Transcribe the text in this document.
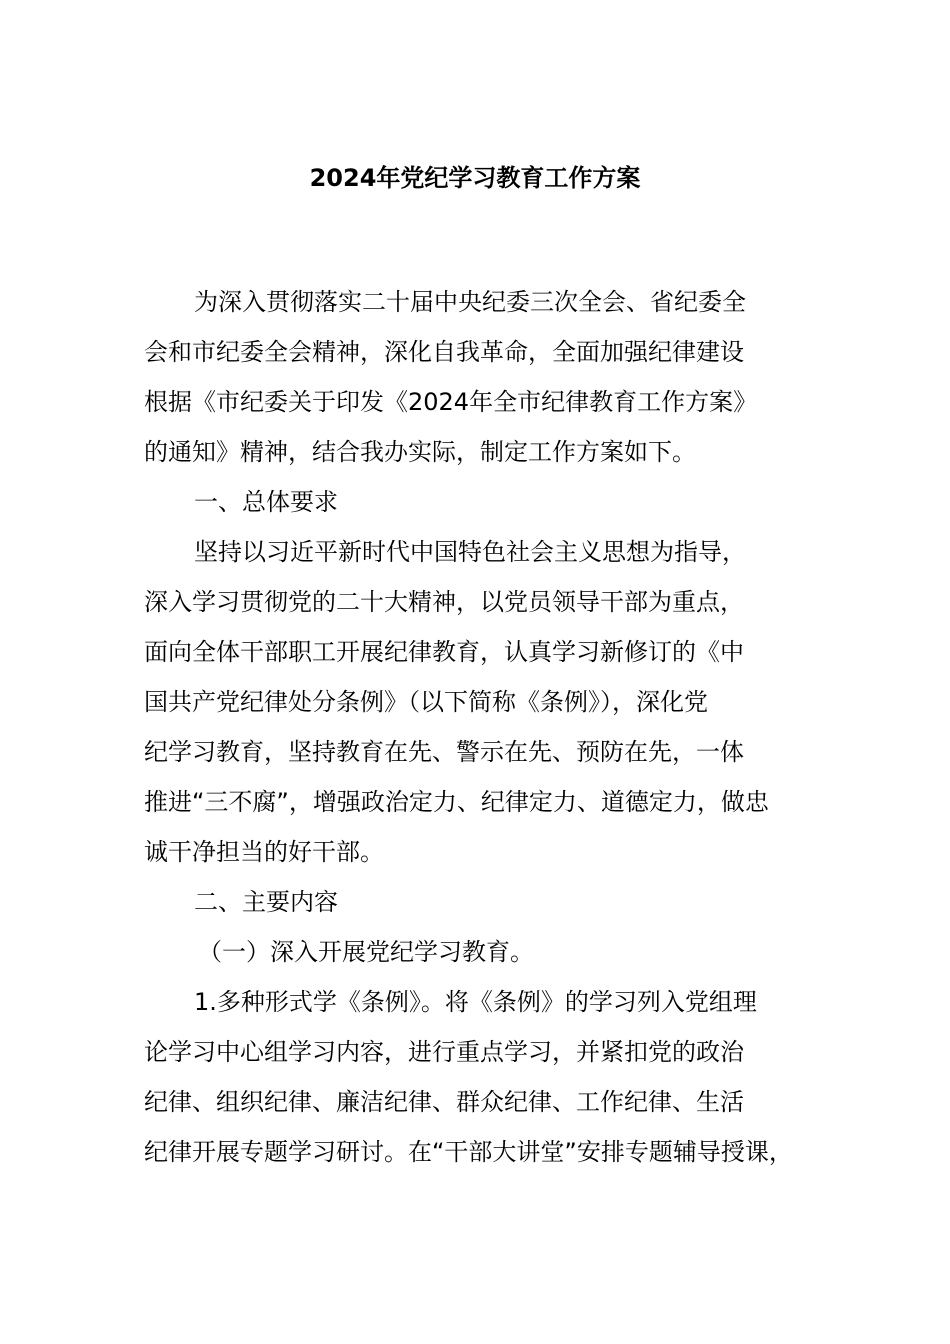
2024年党纪学习教育工作方案
为深入贯彻落实二十届中央纪委三次全会、省纪委全
会和市纪委全会精神，深化自我革命，全面加强纪律建设
根据《市纪委关于印发《2024年全市纪律教育工作方案》
的通知》精神，结合我办实际，制定工作方案如下。
一、总体要求
坚持以习近平新时代中国特色社会主义思想为指导，
深入学习贯彻党的二十大精神，以党员领导干部为重点，
面向全体干部职工开展纪律教育，认真学习新修订的《中
国共产党纪律处分条例》（以下简称《条例》），深化党
纪学习教育，坚持教育在先、警示在先、预防在先，一体
推进“三不腐”，增强政治定力、纪律定力、道德定力，做忠
诚干净担当的好干部。
二、主要内容
（一）深入开展党纪学习教育。
1.多种形式学《条例》。将《条例》的学习列入党组理
论学习中心组学习内容，进行重点学习，并紧扣党的政治
纪律、组织纪律、廉洁纪律、群众纪律、工作纪律、生活
纪律开展专题学习研讨。在“干部大讲堂”安排专题辅导授课，
